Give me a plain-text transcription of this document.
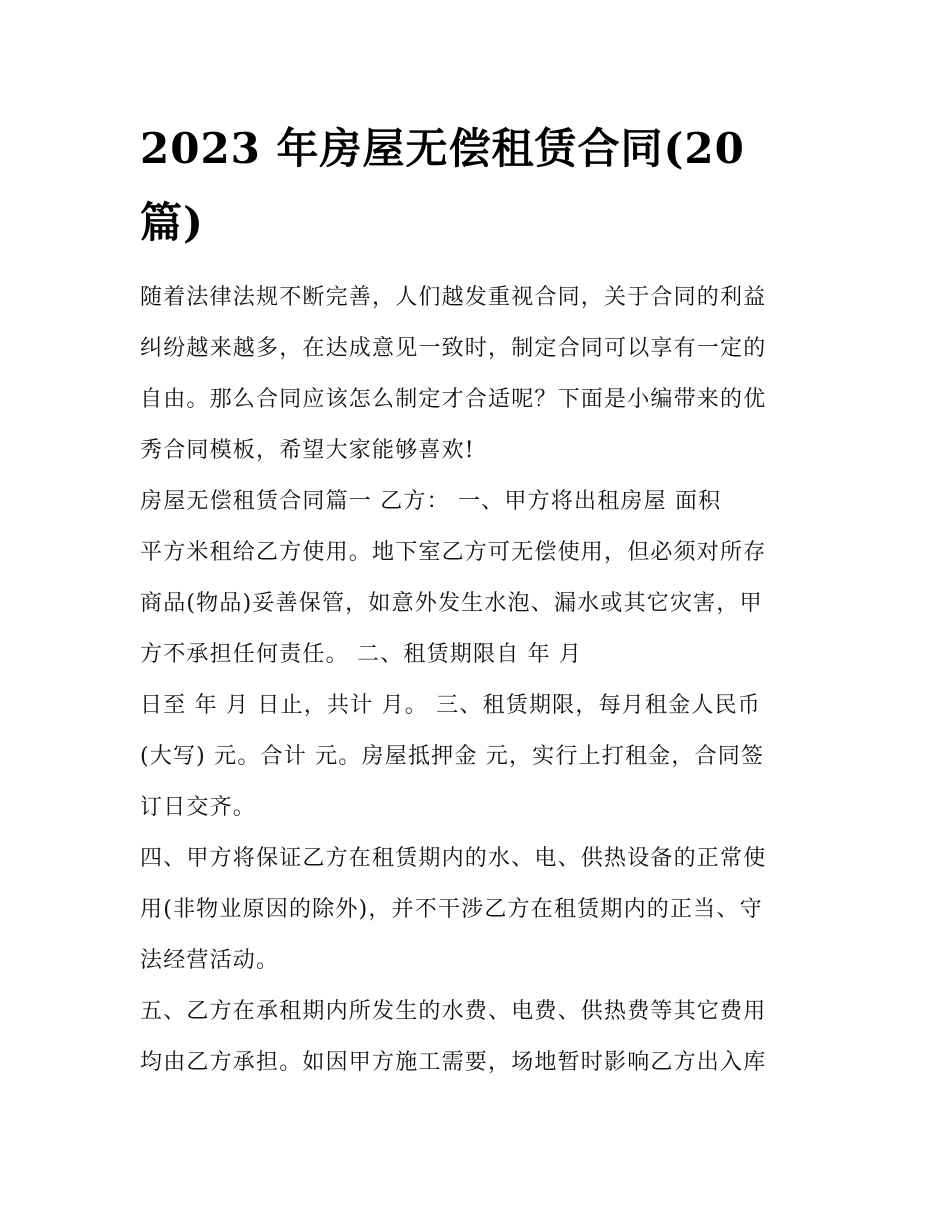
2023 年房屋无偿租赁合同(20
篇)
随着法律法规不断完善，人们越发重视合同，关于合同的利益
纠纷越来越多，在达成意见一致时，制定合同可以享有一定的
自由。那么合同应该怎么制定才合适呢？下面是小编带来的优
秀合同模板，希望大家能够喜欢!
房屋无偿租赁合同篇一 乙方： 一、甲方将出租房屋 面积
平方米租给乙方使用。地下室乙方可无偿使用，但必须对所存
商品(物品)妥善保管，如意外发生水泡、漏水或其它灾害，甲
方不承担任何责任。 二、租赁期限自 年 月
日至 年 月 日止，共计 月。 三、租赁期限，每月租金人民币
(大写) 元。合计 元。房屋抵押金 元，实行上打租金，合同签
订日交齐。
四、甲方将保证乙方在租赁期内的水、电、供热设备的正常使
用(非物业原因的除外)，并不干涉乙方在租赁期内的正当、守
法经营活动。
五、乙方在承租期内所发生的水费、电费、供热费等其它费用
均由乙方承担。如因甲方施工需要，场地暂时影响乙方出入库
